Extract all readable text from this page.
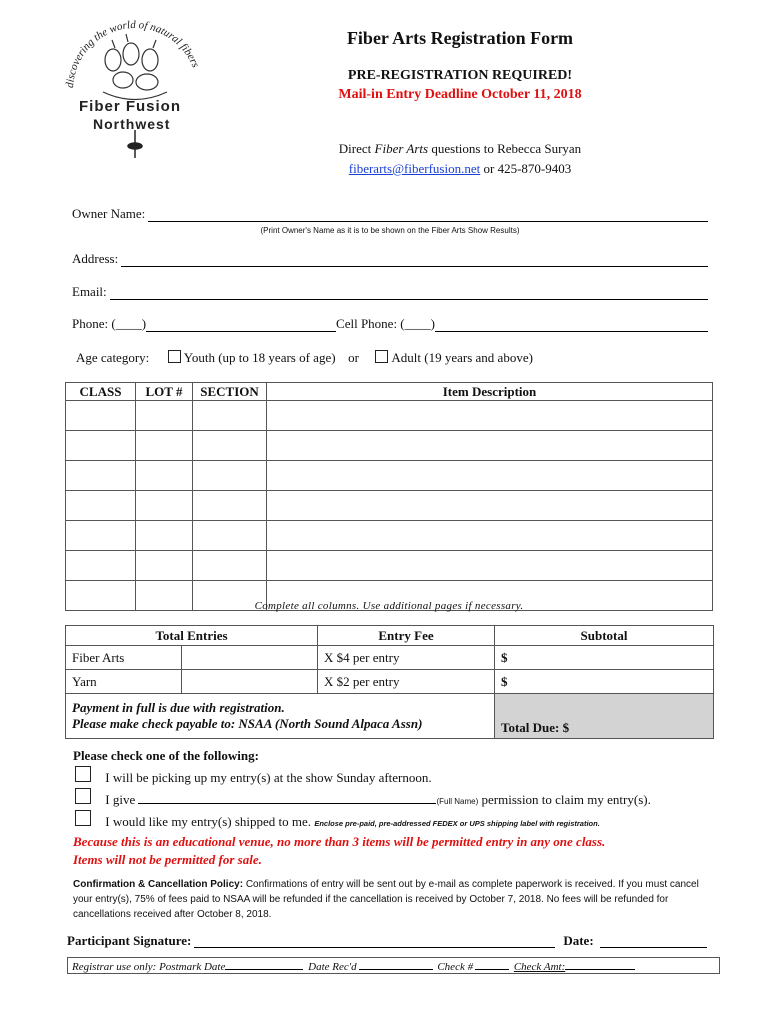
discovering the world of natural fibers
Fiber Fusion
Northwest
Fiber Arts Registration Form
PRE-REGISTRATION REQUIRED!
Mail-in Entry Deadline October 11, 2018
Direct Fiber Arts questions to Rebecca Suryan
fiberarts@fiberfusion.net or 425-870-9403
Owner Name:
(Print Owner's Name as it is to be shown on the Fiber Arts Show Results)
Address:
Email:
Phone: (____)	Cell Phone: (____)
Age category:	Youth (up to 18 years of age) or	Adult (19 years and above)
CLASS	LOT #	SECTION	Item Description

Complete all columns. Use additional pages if necessary.
Total Entries		Entry Fee	Subtotal
Fiber Arts		X $4 per entry	$
Yarn		X $2 per entry	$

Payment in full is due with registration.
Please make check payable to: NSAA (North Sound Alpaca Assn)			Total Due: $
Please check one of the following:
I will be picking up my entry(s) at the show Sunday afternoon.
I give	(Full Name) permission to claim my entry(s).
I would like my entry(s) shipped to me. Enclose pre-paid, pre-addressed FEDEX or UPS shipping label with registration.
Because this is an educational venue, no more than 3 items will be permitted entry in any one class.
Items will not be permitted for sale.
Confirmation & Cancellation Policy: Confirmations of entry will be sent out by e-mail as complete paperwork is received. If you must cancel your entry(s), 75% of fees paid to NSAA will be refunded if the cancellation is received by October 7, 2018. No fees will be refunded for cancellations received after October 8, 2018.
Participant Signature:	Date:
Registrar use only: Postmark Date	Date Rec'd	Check #	Check Amt:
